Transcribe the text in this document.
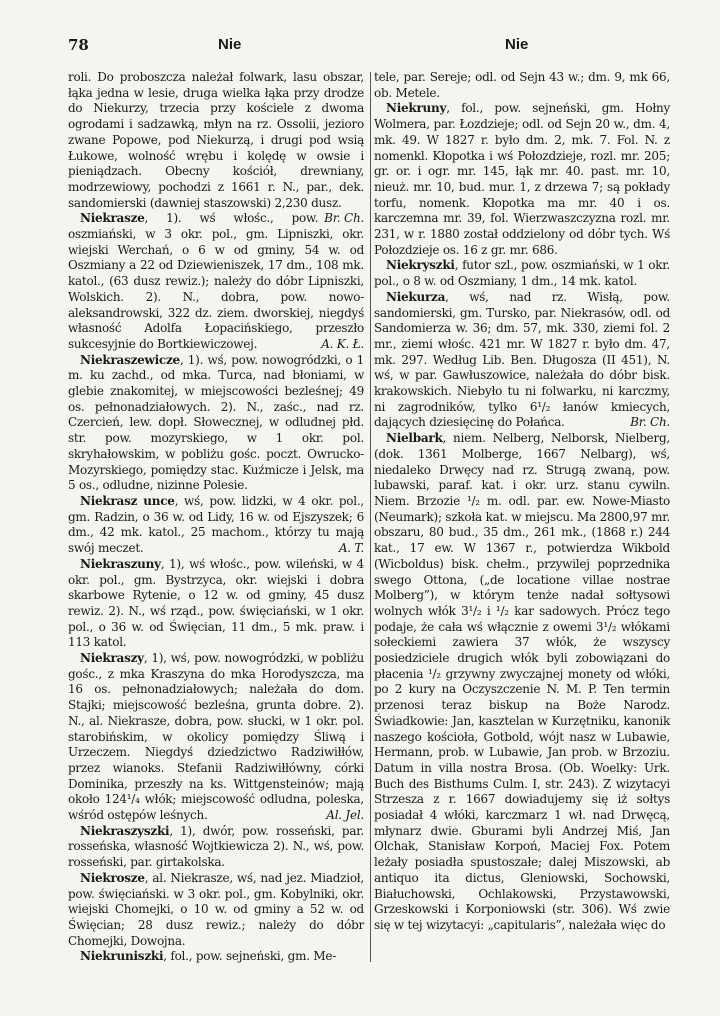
78	Nie	Nie

roli. Do proboszcza należał folwark, lasu obszar, łąka jedna w lesie, druga wielka łąka przy drodze do Niekurzy, trzecia przy kościele z dwoma ogrodami i sadzawką, młyn na rz. Ossolii, jezioro zwane Popowe, pod Niekurzą, i drugi pod wsią Łukowe, wolność wrębu i kolędę w owsie i pieniądzach. Obecny kościół, drewniany, modrzewiowy, pochodzi z 1661 r. N., par., dek. sandomierski (dawniej staszowski) 2,230 dusz.
Br. Ch.

Niekrasze, 1). wś włośc., pow. oszmiański, w 3 okr. pol., gm. Lipniszki, okr. wiejski Werchań, o 6 w od gminy, 54 w. od Oszmiany a 22 od Dziewieniszek, 17 dm., 108 mk. katol., (63 dusz rewiz.); należy do dóbr Lipniszki, Wolskich. 2). N., dobra, pow. nowo-aleksandrowski, 322 dz. ziem. dworskiej, niegdyś własność Adolfa Łopacińskiego, przeszło sukcesyjnie do Bortkiewiczowej.	A. K. Ł.

Niekraszewicze, 1). wś, pow. nowogródzki, o 1 m. ku zachd., od mka. Turca, nad błoniami, w glebie znakomitej, w miejscowości bezleśnej; 49 os. pełnonadziałowych. 2). N., zaśc., nad rz. Czercień, lew. dopł. Słowecznej, w odludnej płd. str. pow. mozyrskiego, w 1 okr. pol. skryhałowskim, w pobliżu gośc. poczt. Owrucko-Mozyrskiego, pomiędzy stac. Kuźmicze i Jelsk, ma 5 os., odludne, nizinne Polesie.

Niekrasz unce, wś, pow. lidzki, w 4 okr. pol., gm. Radzin, o 36 w. od Lidy, 16 w. od Ejszyszek; 6 dm., 42 mk. katol., 25 machom., którzy tu mają swój meczet.	A. T.

Niekraszuny, 1), wś włośc., pow. wileński, w 4 okr. pol., gm. Bystrzyca, okr. wiejski i dobra skarbowe Rytenie, o 12 w. od gminy, 45 dusz rewiz. 2). N., wś rząd., pow. święciański, w 1 okr. pol., o 36 w. od Święcian, 11 dm., 5 mk. praw. i 113 katol.

Niekraszy, 1), wś, pow. nowogródzki, w pobliżu gośc., z mka Kraszyna do mka Horodyszcza, ma 16 os. pełnonadziałowych; należała do dom. Stajki; miejscowość bezleśna, grunta dobre. 2). N., al. Niekrasze, dobra, pow. słucki, w 1 okr. pol. starobińskim, w okolicy pomiędzy Śliwą i Urzeczem. Niegdyś dziedzictwo Radziwiłłów, przez wianoks. Stefanii Radziwiłłówny, córki Dominika, przeszły na ks. Wittgensteinów; mają około 124¹/₄ włók; miejscowość odludna, poleska, wśród ostępów leśnych.	Al. Jel.

Niekraszyszki, 1), dwór, pow. rosseński, par. rosseńska, własność Wojtkiewicza 2). N., wś, pow. rosseński, par. girtakolska.

Niekrosze, al. Niekrasze, wś, nad jez. Miadzioł, pow. święciański. w 3 okr. pol., gm. Kobylniki, okr. wiejski Chomejki, o 10 w. od gminy a 52 w. od Święcian; 28 dusz rewiz.; należy do dóbr Chomejki, Dowojna.

Niekruniszki, fol., pow. sejneński, gm. Me-

tele, par. Sereje; odl. od Sejn 43 w.; dm. 9, mk 66, ob. Metele.

Niekruny, fol., pow. sejneński, gm. Hołny Wolmera, par. Łozdzieje; odl. od Sejn 20 w., dm. 4, mk. 49. W 1827 r. było dm. 2, mk. 7. Fol. N. z nomenkl. Kłopotka i wś Połozdzieje, rozl. mr. 205; gr. or. i ogr. mr. 145, łąk mr. 40. past. mr. 10, nieuż. mr. 10, bud. mur. 1, z drzewa 7; są pokłady torfu, nomenk. Kłopotka ma mr. 40 i os. karczemna mr. 39, fol. Wierzwaszczyzna rozl. mr. 231, w r. 1880 został oddzielony od dóbr tych. Wś Połozdzieje os. 16 z gr. mr. 686.

Niekryszki, futor szl., pow. oszmiański, w 1 okr. pol., o 8 w. od Oszmiany, 1 dm., 14 mk. katol.

Niekurza, wś, nad rz. Wisłą, pow. sandomierski, gm. Tursko, par. Niekrasów, odl. od Sandomierza w. 36; dm. 57, mk. 330, ziemi fol. 2 mr., ziemi włośc. 421 mr. W 1827 r. było dm. 47, mk. 297. Według Lib. Ben. Długosza (II 451), N. wś, w par. Gawłuszowice, należała do dóbr bisk. krakowskich. Niebyło tu ni folwarku, ni karczmy, ni zagrodników, tylko 6¹/₂ łanów kmiecych, dających dziesięcinę do Połańca.	Br. Ch.

Nielbark, niem. Nelberg, Nelborsk, Nielberg, (dok. 1361 Molberge, 1667 Nelbarg), wś, niedaleko Drwęcy nad rz. Strugą zwaną, pow. lubawski, paraf. kat. i okr. urz. stanu cywiln. Niem. Brzozie ¹/₂ m. odl. par. ew. Nowe-Miasto (Neumark); szkoła kat. w miejscu. Ma 2800,97 mr. obszaru, 80 bud., 35 dm., 261 mk., (1868 r.) 244 kat., 17 ew. W 1367 r., potwierdza Wikbold (Wicboldus) bisk. chełm., przywilej poprzednika swego Ottona, („de locatione villae nostrae Molberg”), w którym tenże nadał sołtysowi wolnych włók 3¹/₂ i ¹/₂ kar sadowych. Prócz tego podaje, że cała wś włącznie z owemi 3¹/₂ włókami sołeckiemi zawiera 37 włók, że wszyscy posiedziciele drugich włók byli zobowiązani do płacenia ¹/₂ grzywny zwyczajnej monety od włóki, po 2 kury na Oczyszczenie N. M. P. Ten termin przenosi teraz biskup na Boże Narodz. Świadkowie: Jan, kasztelan w Kurzętniku, kanonik naszego kościoła, Gotbold, wójt nasz w Lubawie, Hermann, prob. w Lubawie, Jan prob. w Brzoziu. Datum in villa nostra Brosa. (Ob. Woelky: Urk. Buch des Bisthums Culm. I, str. 243). Z wizytacyi Strzesza z r. 1667 dowiadujemy się iż sołtys posiadał 4 włóki, karczmarz 1 wł. nad Drwęcą, młynarz dwie. Gburami byli Andrzej Miś, Jan Olchak, Stanisław Korpoń, Maciej Fox. Potem leżały posiadła spustoszałe; dalej Miszowski, ab antiquo ita dictus, Gleniowski, Sochowski, Białuchowski, Ochlakowski, Przystawowski, Grzeskowski i Korponiowski (str. 306). Wś zwie się w tej wizytacyi: „capitularis”, należała więc do
